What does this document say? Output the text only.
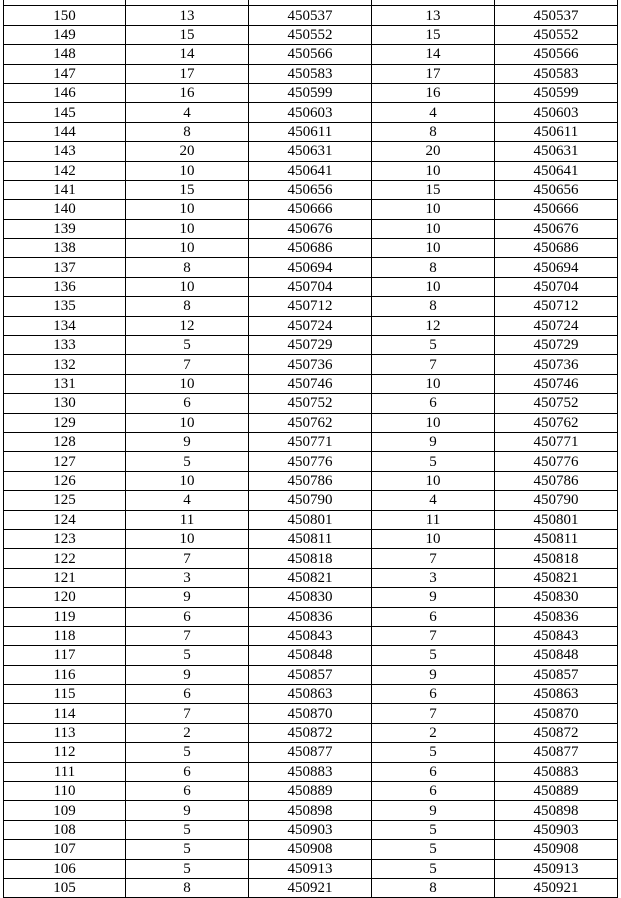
150	13	450537	13	450537
149	15	450552	15	450552
148	14	450566	14	450566
147	17	450583	17	450583
146	16	450599	16	450599
145	4	450603	4	450603
144	8	450611	8	450611
143	20	450631	20	450631
142	10	450641	10	450641
141	15	450656	15	450656
140	10	450666	10	450666
139	10	450676	10	450676
138	10	450686	10	450686
137	8	450694	8	450694
136	10	450704	10	450704
135	8	450712	8	450712
134	12	450724	12	450724
133	5	450729	5	450729
132	7	450736	7	450736
131	10	450746	10	450746
130	6	450752	6	450752
129	10	450762	10	450762
128	9	450771	9	450771
127	5	450776	5	450776
126	10	450786	10	450786
125	4	450790	4	450790
124	11	450801	11	450801
123	10	450811	10	450811
122	7	450818	7	450818
121	3	450821	3	450821
120	9	450830	9	450830
119	6	450836	6	450836
118	7	450843	7	450843
117	5	450848	5	450848
116	9	450857	9	450857
115	6	450863	6	450863
114	7	450870	7	450870
113	2	450872	2	450872
112	5	450877	5	450877
111	6	450883	6	450883
110	6	450889	6	450889
109	9	450898	9	450898
108	5	450903	5	450903
107	5	450908	5	450908
106	5	450913	5	450913
105	8	450921	8	450921
